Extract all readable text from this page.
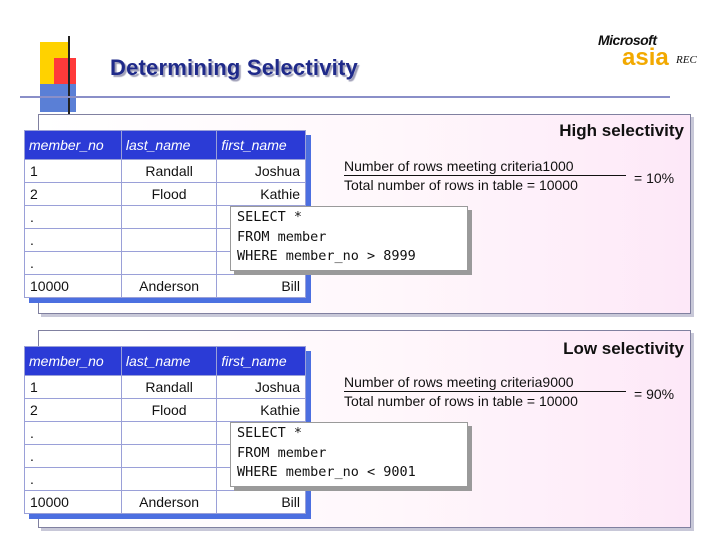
Determining Selectivity
Microsoft
asia REC
High selectivity
member_no	last_name	first_name
1	Randall	Joshua
2	Flood	Kathie
.		
.		
.		
10000	Anderson	Bill
Number of rows meeting criteria1000
Total number of rows in table = 10000	= 10%
SELECT *
FROM member
WHERE member_no > 8999
Low selectivity
member_no	last_name	first_name
1	Randall	Joshua
2	Flood	Kathie
.		
.		
.		
10000	Anderson	Bill
Number of rows meeting criteria9000
Total number of rows in table = 10000	= 90%
SELECT *
FROM member
WHERE member_no < 9001
